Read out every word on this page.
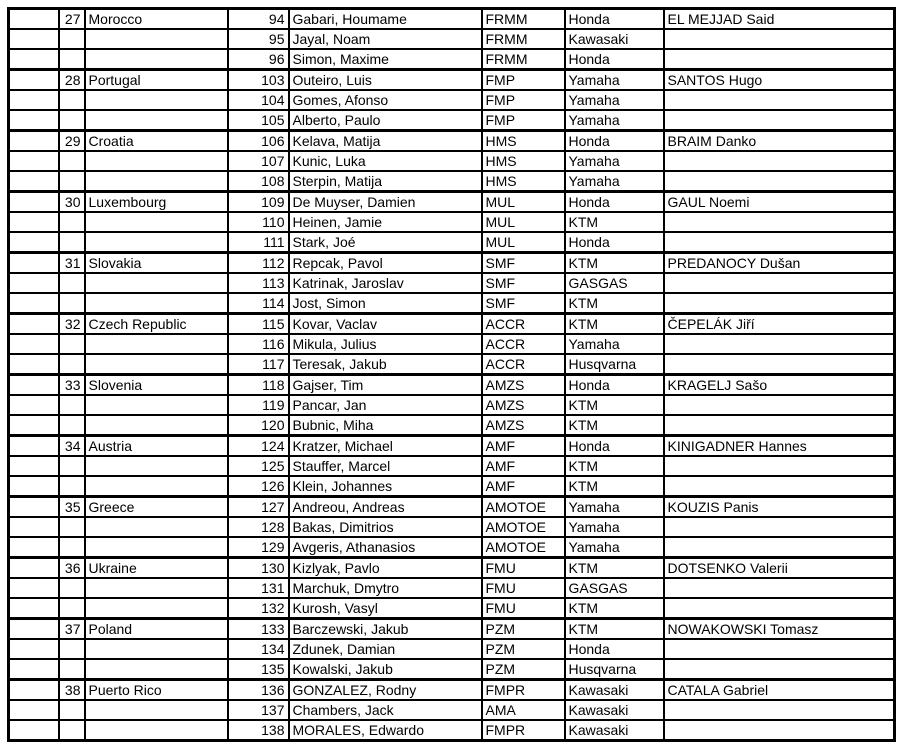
	27	Morocco	94	Gabari, Houmame	FRMM	Honda	EL MEJJAD Said
			95	Jayal, Noam	FRMM	Kawasaki	
			96	Simon, Maxime	FRMM	Honda	
	28	Portugal	103	Outeiro, Luis	FMP	Yamaha	SANTOS Hugo
			104	Gomes, Afonso	FMP	Yamaha	
			105	Alberto, Paulo	FMP	Yamaha	
	29	Croatia	106	Kelava, Matija	HMS	Honda	BRAIM Danko
			107	Kunic, Luka	HMS	Yamaha	
			108	Sterpin, Matija	HMS	Yamaha	
	30	Luxembourg	109	De Muyser, Damien	MUL	Honda	GAUL Noemi
			110	Heinen, Jamie	MUL	KTM	
			111	Stark, Joé	MUL	Honda	
	31	Slovakia	112	Repcak, Pavol	SMF	KTM	PREDANOCY Dušan
			113	Katrinak, Jaroslav	SMF	GASGAS	
			114	Jost, Simon	SMF	KTM	
	32	Czech Republic	115	Kovar, Vaclav	ACCR	KTM	ČEPELÁK Jiří
			116	Mikula, Julius	ACCR	Yamaha	
			117	Teresak, Jakub	ACCR	Husqvarna	
	33	Slovenia	118	Gajser, Tim	AMZS	Honda	KRAGELJ Sašo
			119	Pancar, Jan	AMZS	KTM	
			120	Bubnic, Miha	AMZS	KTM	
	34	Austria	124	Kratzer, Michael	AMF	Honda	KINIGADNER Hannes
			125	Stauffer, Marcel	AMF	KTM	
			126	Klein, Johannes	AMF	KTM	
	35	Greece	127	Andreou, Andreas	AMOTOE	Yamaha	KOUZIS Panis
			128	Bakas, Dimitrios	AMOTOE	Yamaha	
			129	Avgeris, Athanasios	AMOTOE	Yamaha	
	36	Ukraine	130	Kizlyak, Pavlo	FMU	KTM	DOTSENKO Valerii
			131	Marchuk, Dmytro	FMU	GASGAS	
			132	Kurosh, Vasyl	FMU	KTM	
	37	Poland	133	Barczewski, Jakub	PZM	KTM	NOWAKOWSKI Tomasz
			134	Zdunek, Damian	PZM	Honda	
			135	Kowalski, Jakub	PZM	Husqvarna	
	38	Puerto Rico	136	GONZALEZ, Rodny	FMPR	Kawasaki	CATALA Gabriel
			137	Chambers, Jack	AMA	Kawasaki	
			138	MORALES, Edwardo	FMPR	Kawasaki	
